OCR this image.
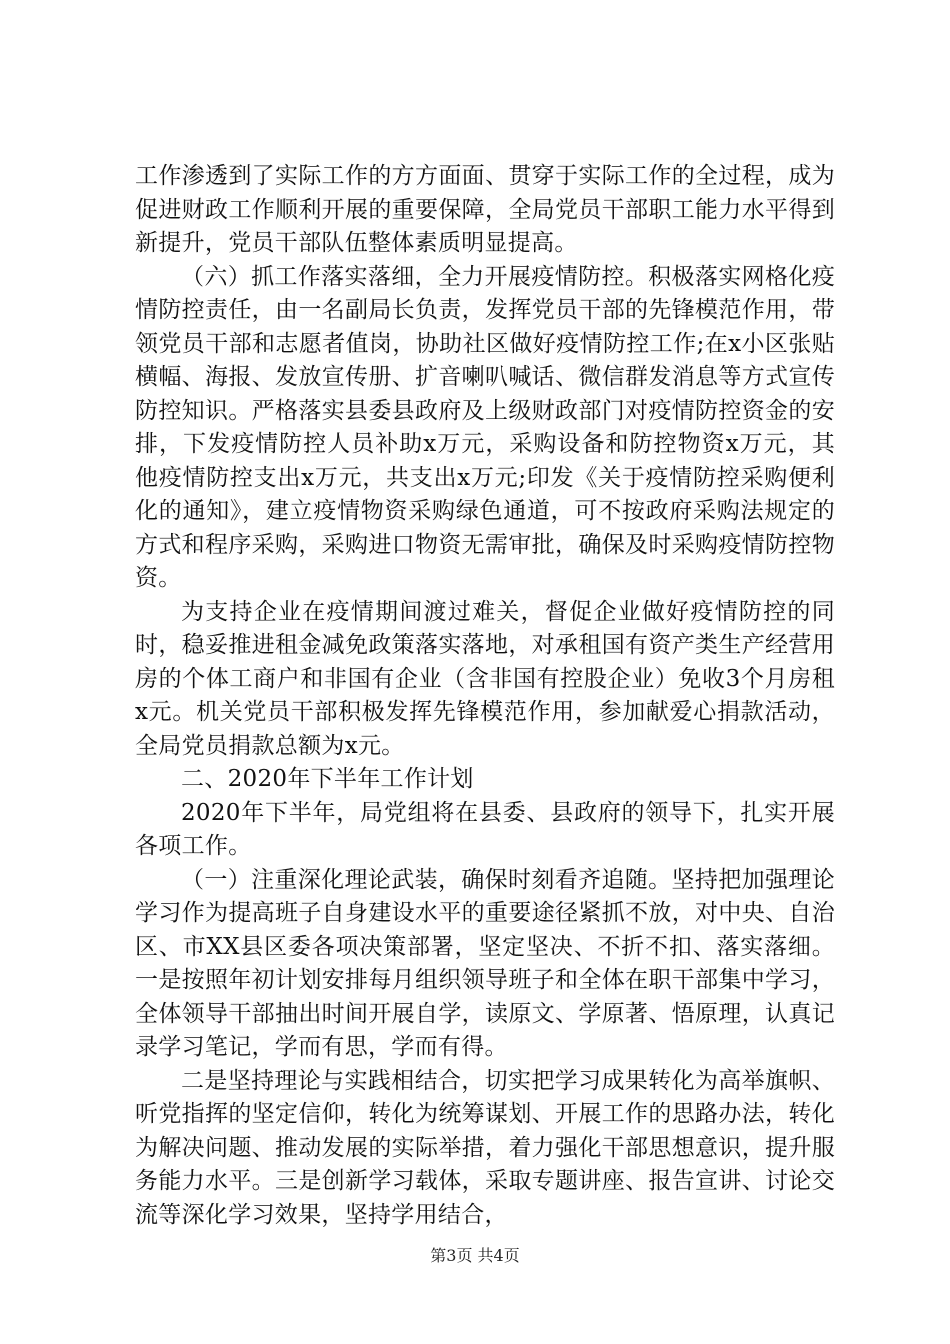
工作渗透到了实际工作的方方面面、贯穿于实际工作的全过程，成为促进财政工作顺利开展的重要保障，全局党员干部职工能力水平得到新提升，党员干部队伍整体素质明显提高。

（六）抓工作落实落细，全力开展疫情防控。积极落实网格化疫情防控责任，由一名副局长负责，发挥党员干部的先锋模范作用，带领党员干部和志愿者值岗，协助社区做好疫情防控工作;在x小区张贴横幅、海报、发放宣传册、扩音喇叭喊话、微信群发消息等方式宣传防控知识。严格落实县委县政府及上级财政部门对疫情防控资金的安排，下发疫情防控人员补助x万元，采购设备和防控物资x万元，其他疫情防控支出x万元，共支出x万元;印发《关于疫情防控采购便利化的通知》，建立疫情物资采购绿色通道，可不按政府采购法规定的方式和程序采购，采购进口物资无需审批，确保及时采购疫情防控物资。

为支持企业在疫情期间渡过难关，督促企业做好疫情防控的同时，稳妥推进租金减免政策落实落地，对承租国有资产类生产经营用房的个体工商户和非国有企业（含非国有控股企业）免收3个月房租x元。机关党员干部积极发挥先锋模范作用，参加献爱心捐款活动，全局党员捐款总额为x元。

二、2020年下半年工作计划

2020年下半年，局党组将在县委、县政府的领导下，扎实开展各项工作。

（一）注重深化理论武装，确保时刻看齐追随。坚持把加强理论学习作为提高班子自身建设水平的重要途径紧抓不放，对中央、自治区、市XX县区委各项决策部署，坚定坚决、不折不扣、落实落细。一是按照年初计划安排每月组织领导班子和全体在职干部集中学习，全体领导干部抽出时间开展自学，读原文、学原著、悟原理，认真记录学习笔记，学而有思，学而有得。

二是坚持理论与实践相结合，切实把学习成果转化为高举旗帜、听党指挥的坚定信仰，转化为统筹谋划、开展工作的思路办法，转化为解决问题、推动发展的实际举措，着力强化干部思想意识，提升服务能力水平。三是创新学习载体，采取专题讲座、报告宣讲、讨论交流等深化学习效果，坚持学用结合，

第3页 共4页
